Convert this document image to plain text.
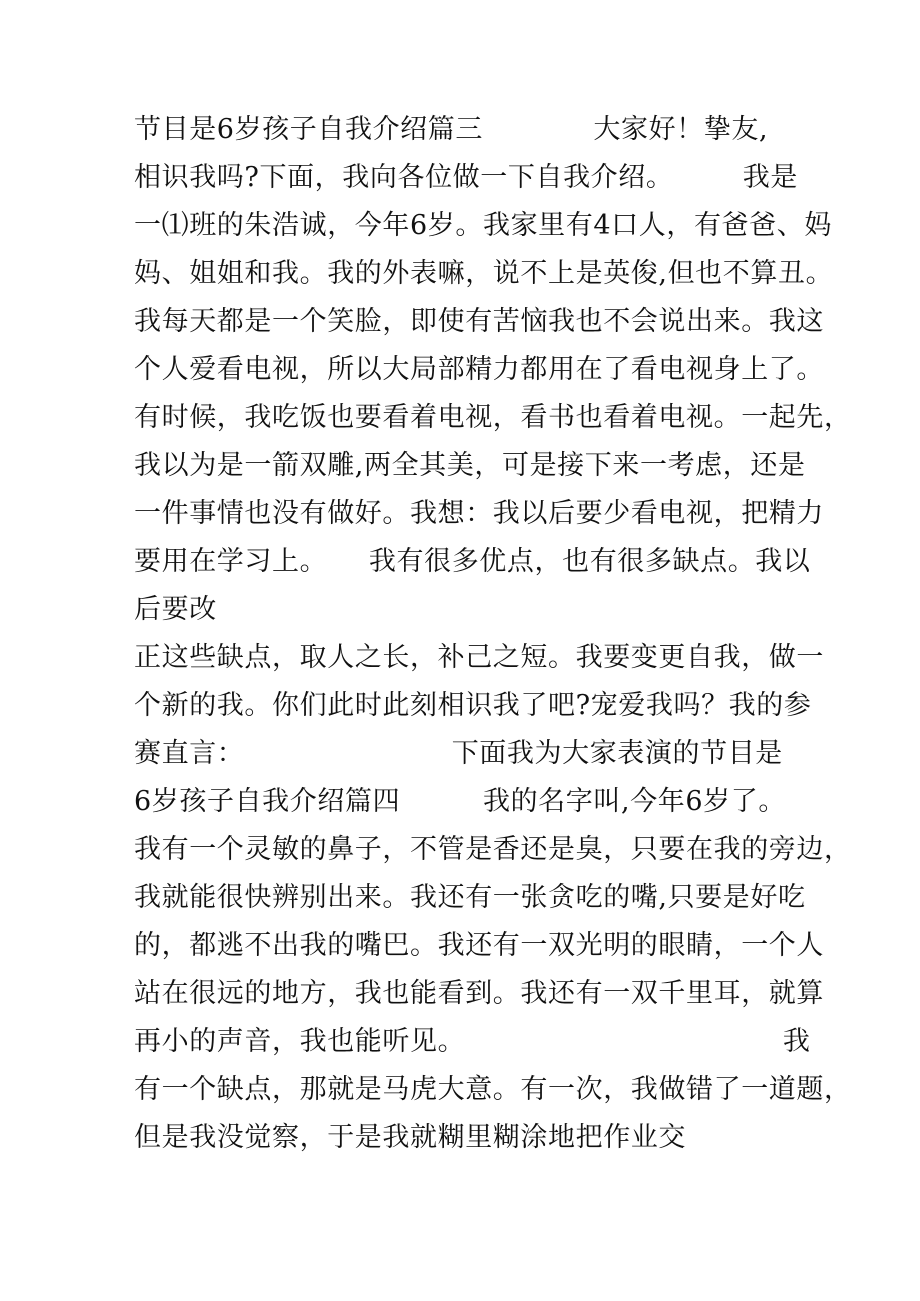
节目是6岁孩子自我介绍篇三　　　　大家好！挚友,
相识我吗?下面，我向各位做一下自我介绍。　　　我是
一⑴班的朱浩诚，今年6岁。我家里有4口人，有爸爸、妈
妈、姐姐和我。我的外表嘛，说不上是英俊,但也不算丑。
我每天都是一个笑脸，即使有苦恼我也不会说出来。我这
个人爱看电视，所以大局部精力都用在了看电视身上了。
有时候，我吃饭也要看着电视，看书也看着电视。一起先，
我以为是一箭双雕,两全其美，可是接下来一考虑，还是
一件事情也没有做好。我想：我以后要少看电视，把精力
要用在学习上。　　我有很多优点，也有很多缺点。我以
后要改
正这些缺点，取人之长，补己之短。我要变更自我，做一
个新的我。你们此时此刻相识我了吧?宠爱我吗？我的参
赛直言：　　　　　　　　下面我为大家表演的节目是
6岁孩子自我介绍篇四　　　我的名字叫,今年6岁了。
我有一个灵敏的鼻子，不管是香还是臭，只要在我的旁边，
我就能很快辨别出来。我还有一张贪吃的嘴,只要是好吃
的，都逃不出我的嘴巴。我还有一双光明的眼睛，一个人
站在很远的地方，我也能看到。我还有一双千里耳，就算
再小的声音，我也能听见。　　　　　　　　　　　　我
有一个缺点，那就是马虎大意。有一次，我做错了一道题，
但是我没觉察，于是我就糊里糊涂地把作业交
